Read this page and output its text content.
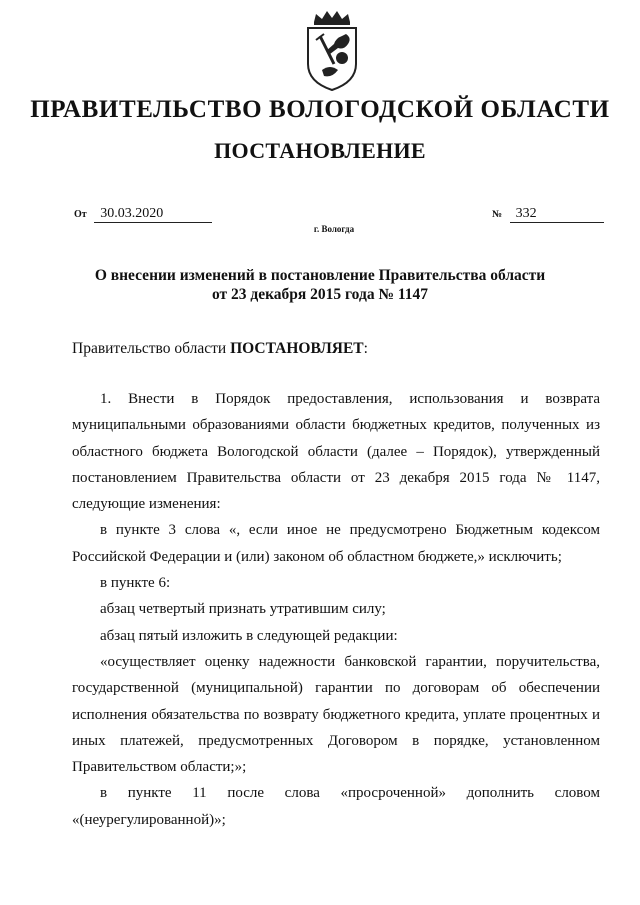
ПРАВИТЕЛЬСТВО ВОЛОГОДСКОЙ ОБЛАСТИ
ПОСТАНОВЛЕНИЕ
От 30.03.2020	№ 332
г. Вологда
О внесении изменений в постановление Правительства области
от 23 декабря 2015 года № 1147
Правительство области ПОСТАНОВЛЯЕТ:

1. Внести в Порядок предоставления, использования и возврата муниципальными образованиями области бюджетных кредитов, полученных из областного бюджета Вологодской области (далее – Порядок), утвержденный постановлением Правительства области от 23 декабря 2015 года № 1147, следующие изменения:

в пункте 3 слова «, если иное не предусмотрено Бюджетным кодексом Российской Федерации и (или) законом об областном бюджете,» исключить;

в пункте 6:

абзац четвертый признать утратившим силу;

абзац пятый изложить в следующей редакции:

«осуществляет оценку надежности банковской гарантии, поручительства, государственной (муниципальной) гарантии по договорам об обеспечении исполнения обязательства по возврату бюджетного кредита, уплате процентных и иных платежей, предусмотренных Договором в порядке, установленном Правительством области;»;

в пункте 11 после слова «просроченной» дополнить словом «(неурегулированной)»;
